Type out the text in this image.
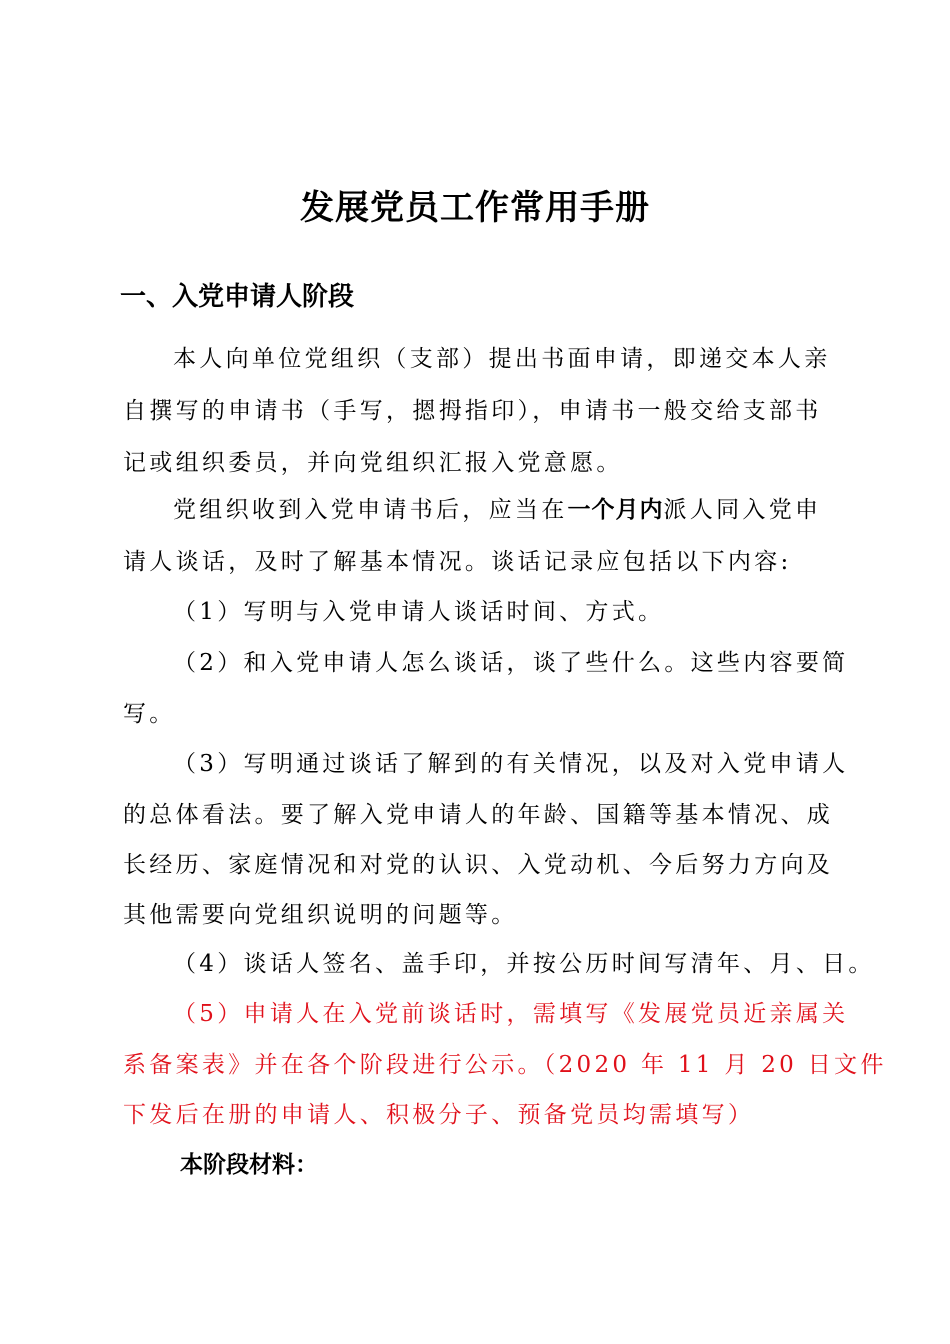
发展党员工作常用手册
一、入党申请人阶段
本人向单位党组织（支部）提出书面申请，即递交本人亲
自撰写的申请书（手写，摁拇指印），申请书一般交给支部书
记或组织委员，并向党组织汇报入党意愿。
党组织收到入党申请书后，应当在一个月内派人同入党申
请人谈话，及时了解基本情况。谈话记录应包括以下内容:
（1）写明与入党申请人谈话时间、方式。
（2）和入党申请人怎么谈话，谈了些什么。这些内容要简
写。
（3）写明通过谈话了解到的有关情况，以及对入党申请人
的总体看法。要了解入党申请人的年龄、国籍等基本情况、成
长经历、家庭情况和对党的认识、入党动机、今后努力方向及
其他需要向党组织说明的问题等。
（4）谈话人签名、盖手印，并按公历时间写清年、月、日。
（5）申请人在入党前谈话时，需填写《发展党员近亲属关
系备案表》并在各个阶段进行公示。（2020 年 11 月 20 日文件
下发后在册的申请人、积极分子、预备党员均需填写）
本阶段材料：
